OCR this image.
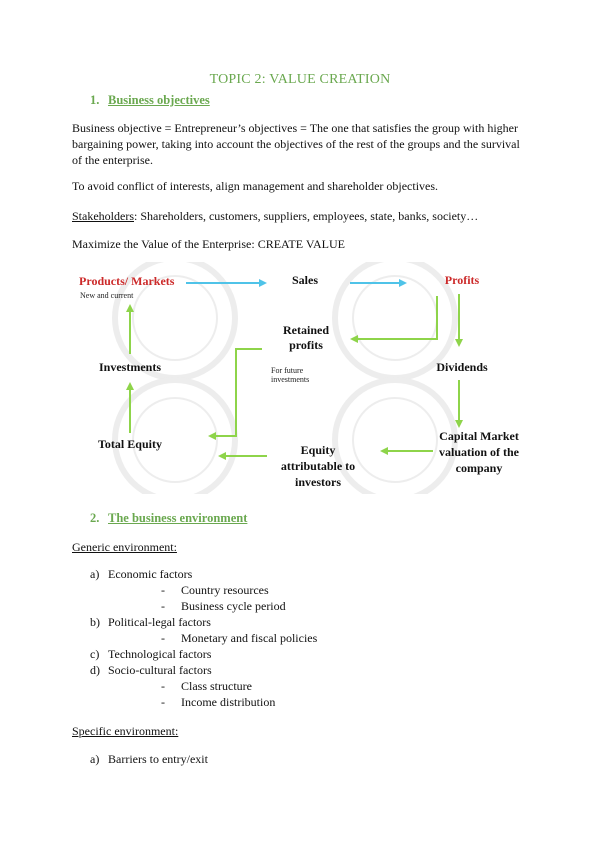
TOPIC 2: VALUE CREATION
1. Business objectives
Business objective = Entrepreneur’s objectives = The one that satisfies the group with higher bargaining power, taking into account the objectives of the rest of the groups and the survival of the enterprise.
To avoid conflict of interests, align management and shareholder objectives.
Stakeholders: Shareholders, customers, suppliers, employees, state, banks, society…
Maximize the Value of the Enterprise: CREATE VALUE
Products/ Markets
New and current
Sales	Profits
Retained
profits
Investments	For future
investments
Dividends
Total Equity	Equity
attributable to
investors
Capital Market
valuation of the
company
2. The business environment
Generic environment:
a) Economic factors
- Country resources
- Business cycle period
b) Political-legal factors
- Monetary and fiscal policies
c) Technological factors
d) Socio-cultural factors
- Class structure
- Income distribution
Specific environment:
a) Barriers to entry/exit
